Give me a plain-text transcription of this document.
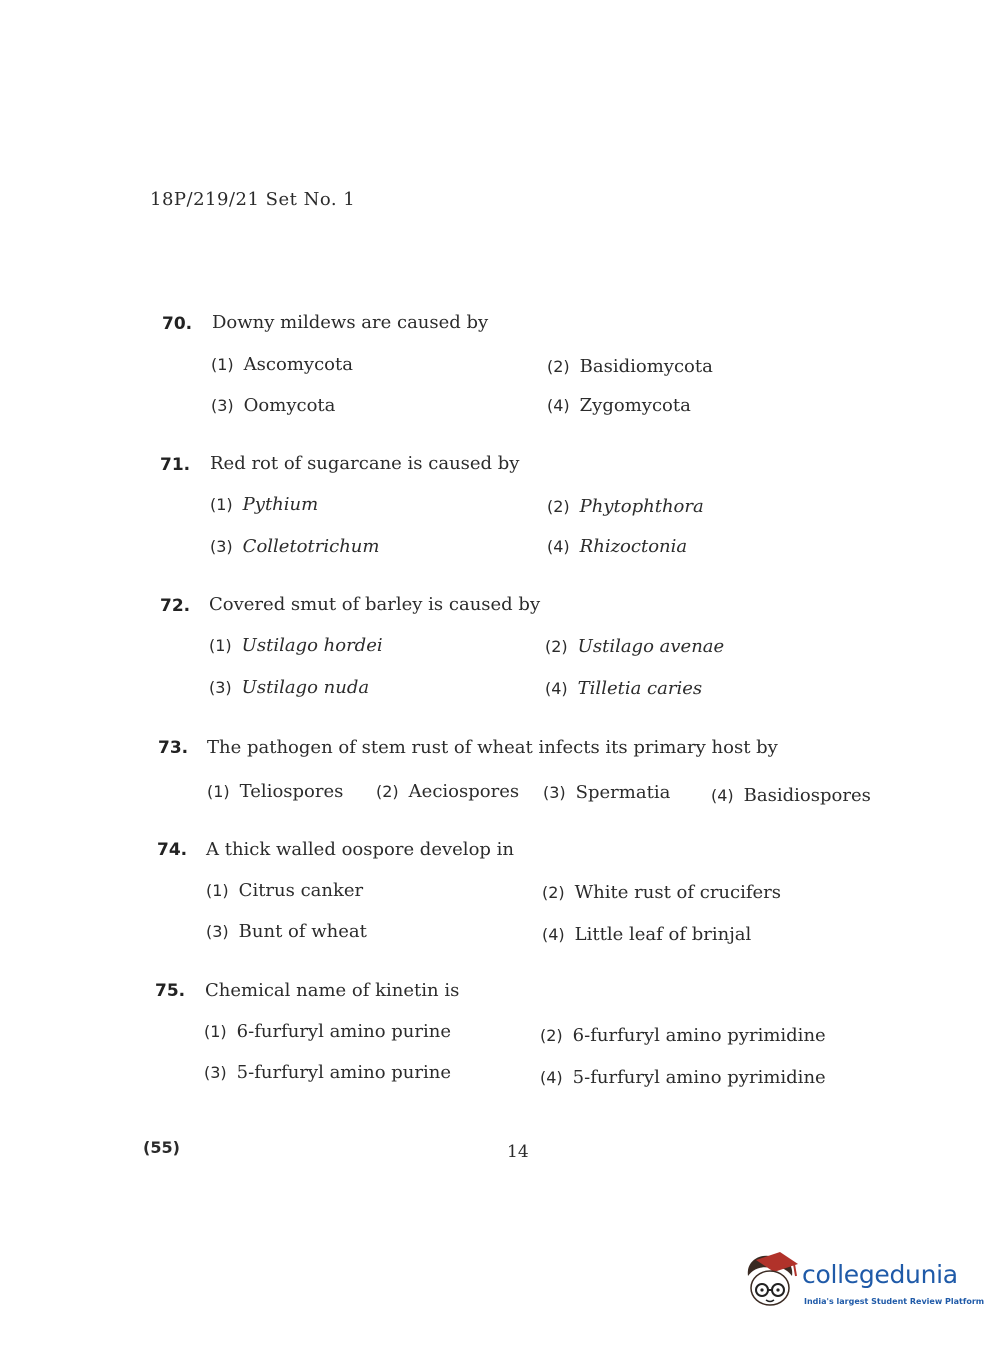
18P/219/21 Set No. 1
70. Downy mildews are caused by
(1) Ascomycota	(2) Basidiomycota
(3) Oomycota	(4) Zygomycota
71. Red rot of sugarcane is caused by
(1) Pythium	(2) Phytophthora
(3) Colletotrichum	(4) Rhizoctonia
72. Covered smut of barley is caused by
(1) Ustilago hordei	(2) Ustilago avenae
(3) Ustilago nuda	(4) Tilletia caries
73. The pathogen of stem rust of wheat infects its primary host by
(1) Teliospores (2) Aeciospores (3) Spermatia	(4) Basidiospores
74. A thick walled oospore develop in
(1) Citrus canker	(2) White rust of crucifers
(3) Bunt of wheat	(4) Little leaf of brinjal
75. Chemical name of kinetin is
(1) 6-furfuryl amino purine	(2) 6-furfuryl amino pyrimidine
(3) 5-furfuryl amino purine	(4) 5-furfuryl amino pyrimidine
(55)	14
collegedunia
India's largest Student Review Platform
